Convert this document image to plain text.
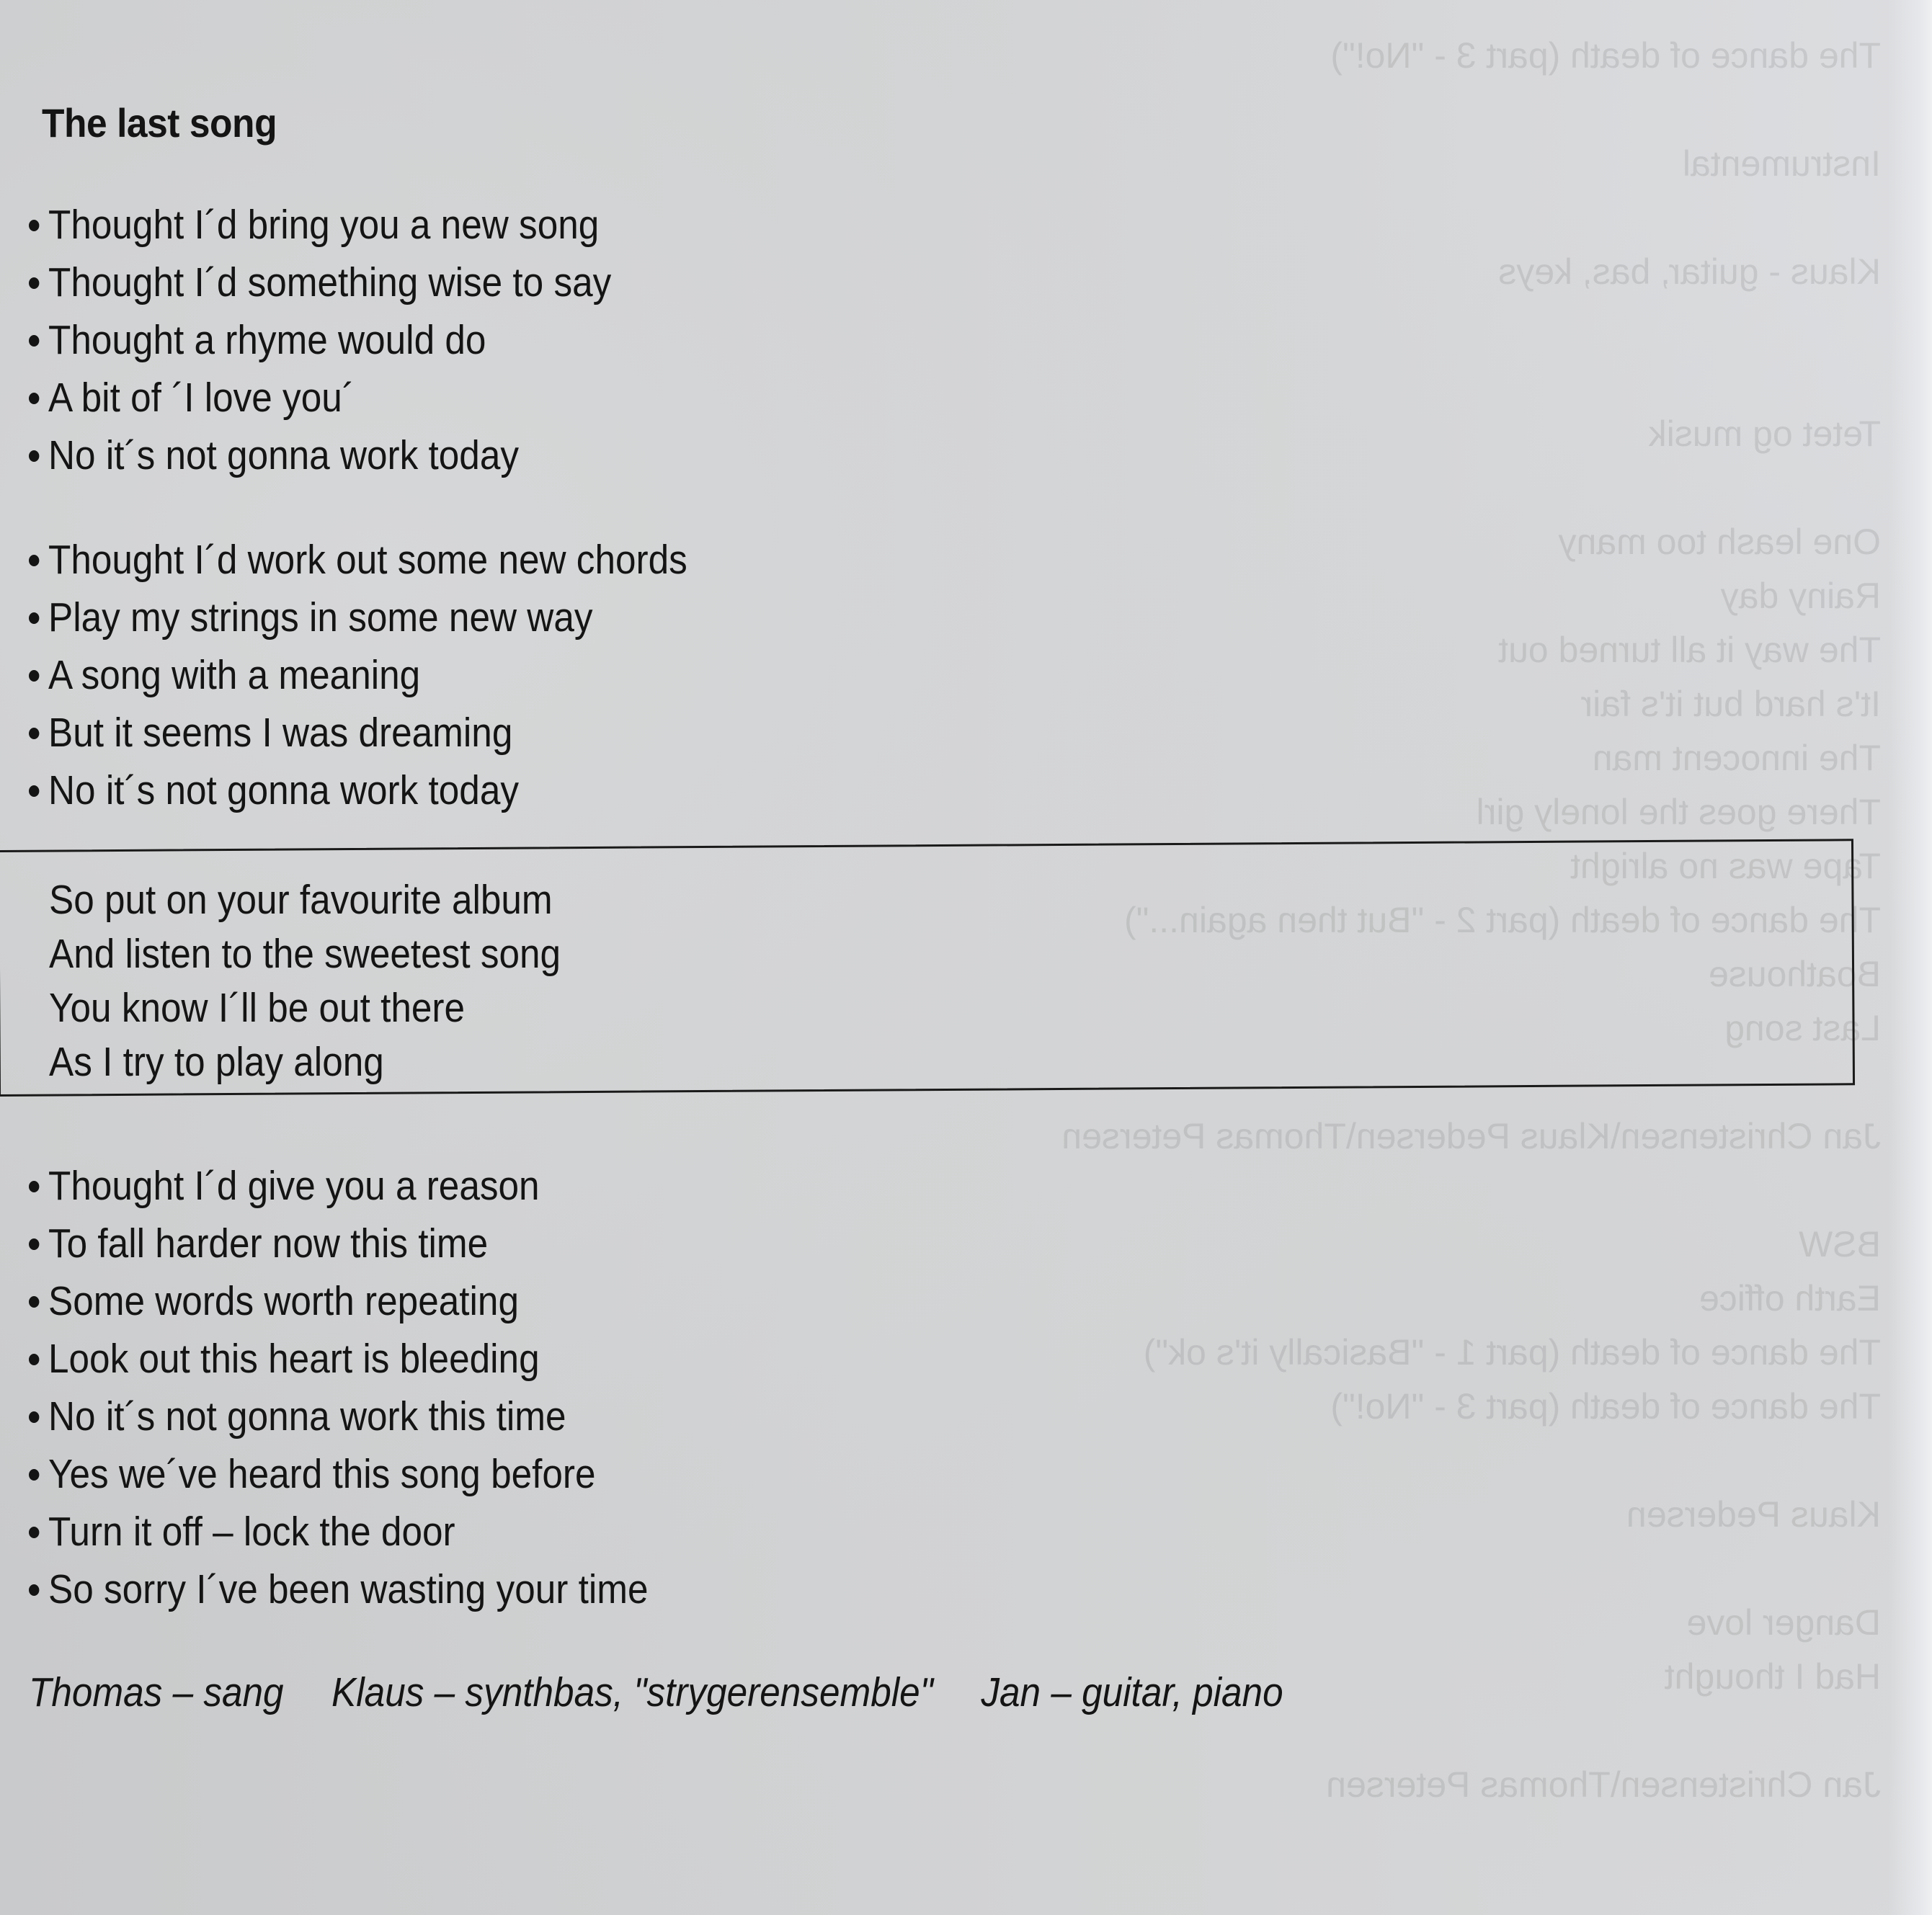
The dance of death (part 3 - "No!")

Instrumental

Klaus - guitar, bas, keys

Tetet og musik

One leash too many
Rainy day
The way it all turned out
It's hard but it's fair
The innocent man
There goes the lonely girl
Tape was no alright
The dance of death (part 2 - "But then again...")
Boathouse
Last song

Jan Christensen\Klaus Pedersen\Thomas Petersen

BSW
Earth office
The dance of death (part 1 - "Basically it's ok")
The dance of death (part 3 - "No!")

Klaus Pedersen

Danger love
Had I thought

Jan Christensen\Thomas Petersen
The last song
Thought I´d bring you a new song
Thought I´d something wise to say
Thought a rhyme would do
A bit of ´I love you´
No it´s not gonna work today
Thought I´d work out some new chords
Play my strings in some new way
A song with a meaning
But it seems I was dreaming
No it´s not gonna work today
So put on your favourite album
And listen to the sweetest song
You know I´ll be out there
As I try to play along
Thought I´d give you a reason
To fall harder now this time
Some words worth repeating
Look out this heart is bleeding
No it´s not gonna work this time
Yes we´ve heard this song before
Turn it off – lock the door
So sorry I´ve been wasting your time
Thomas – sang Klaus – synthbas, "strygerensemble" Jan – guitar, piano
